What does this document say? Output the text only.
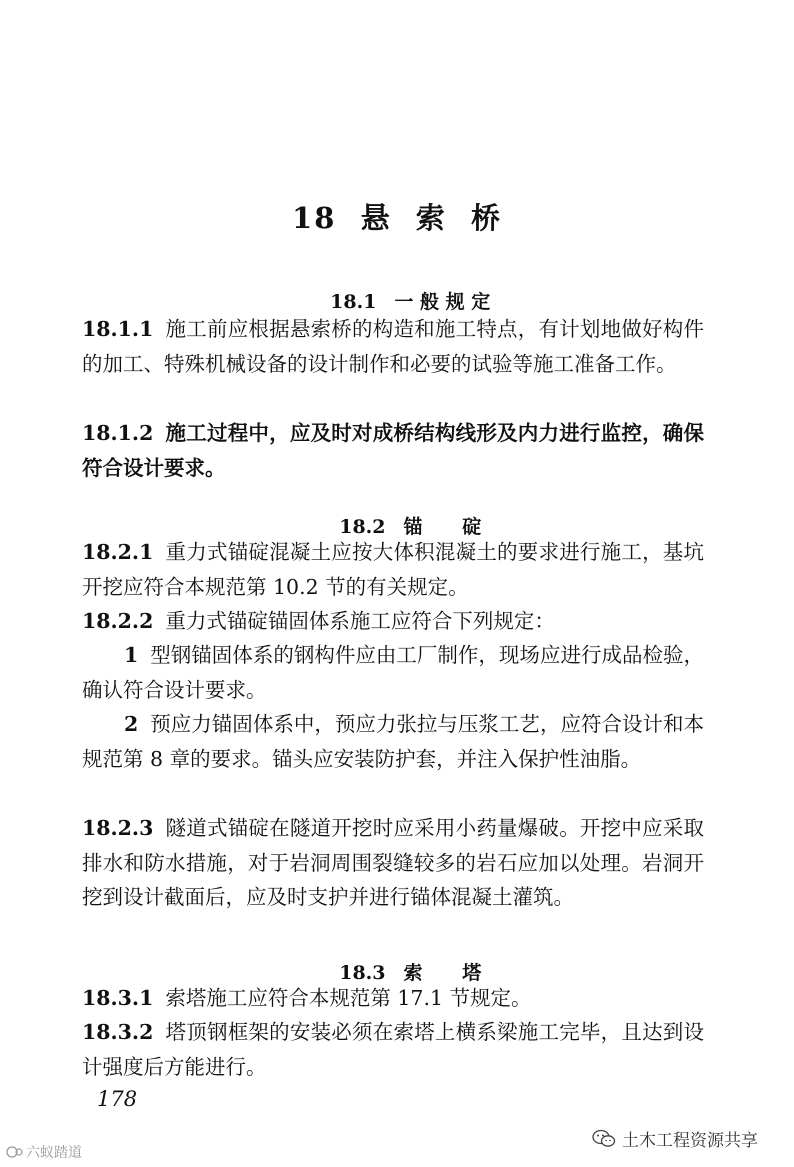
18  悬  索  桥

18.1 一 般 规 定

18.1.1 施工前应根据悬索桥的构造和施工特点，有计划地做好构件的加工、特殊机械设备的设计制作和必要的试验等施工准备工作。
18.1.2 施工过程中，应及时对成桥结构线形及内力进行监控，确保符合设计要求。

18.2 锚      碇

18.2.1 重力式锚碇混凝土应按大体积混凝土的要求进行施工，基坑开挖应符合本规范第 10.2 节的有关规定。
18.2.2 重力式锚碇锚固体系施工应符合下列规定：
1 型钢锚固体系的钢构件应由工厂制作，现场应进行成品检验，确认符合设计要求。
2 预应力锚固体系中，预应力张拉与压浆工艺，应符合设计和本规范第 8 章的要求。锚头应安装防护套，并注入保护性油脂。
18.2.3 隧道式锚碇在隧道开挖时应采用小药量爆破。开挖中应采取排水和防水措施，对于岩洞周围裂缝较多的岩石应加以处理。岩洞开挖到设计截面后，应及时支护并进行锚体混凝土灌筑。

18.3 索      塔

18.3.1 索塔施工应符合本规范第 17.1 节规定。
18.3.2 塔顶钢框架的安装必须在索塔上横系梁施工完毕，且达到设计强度后方能进行。
178
六蚁踏道
土木工程资源共享
